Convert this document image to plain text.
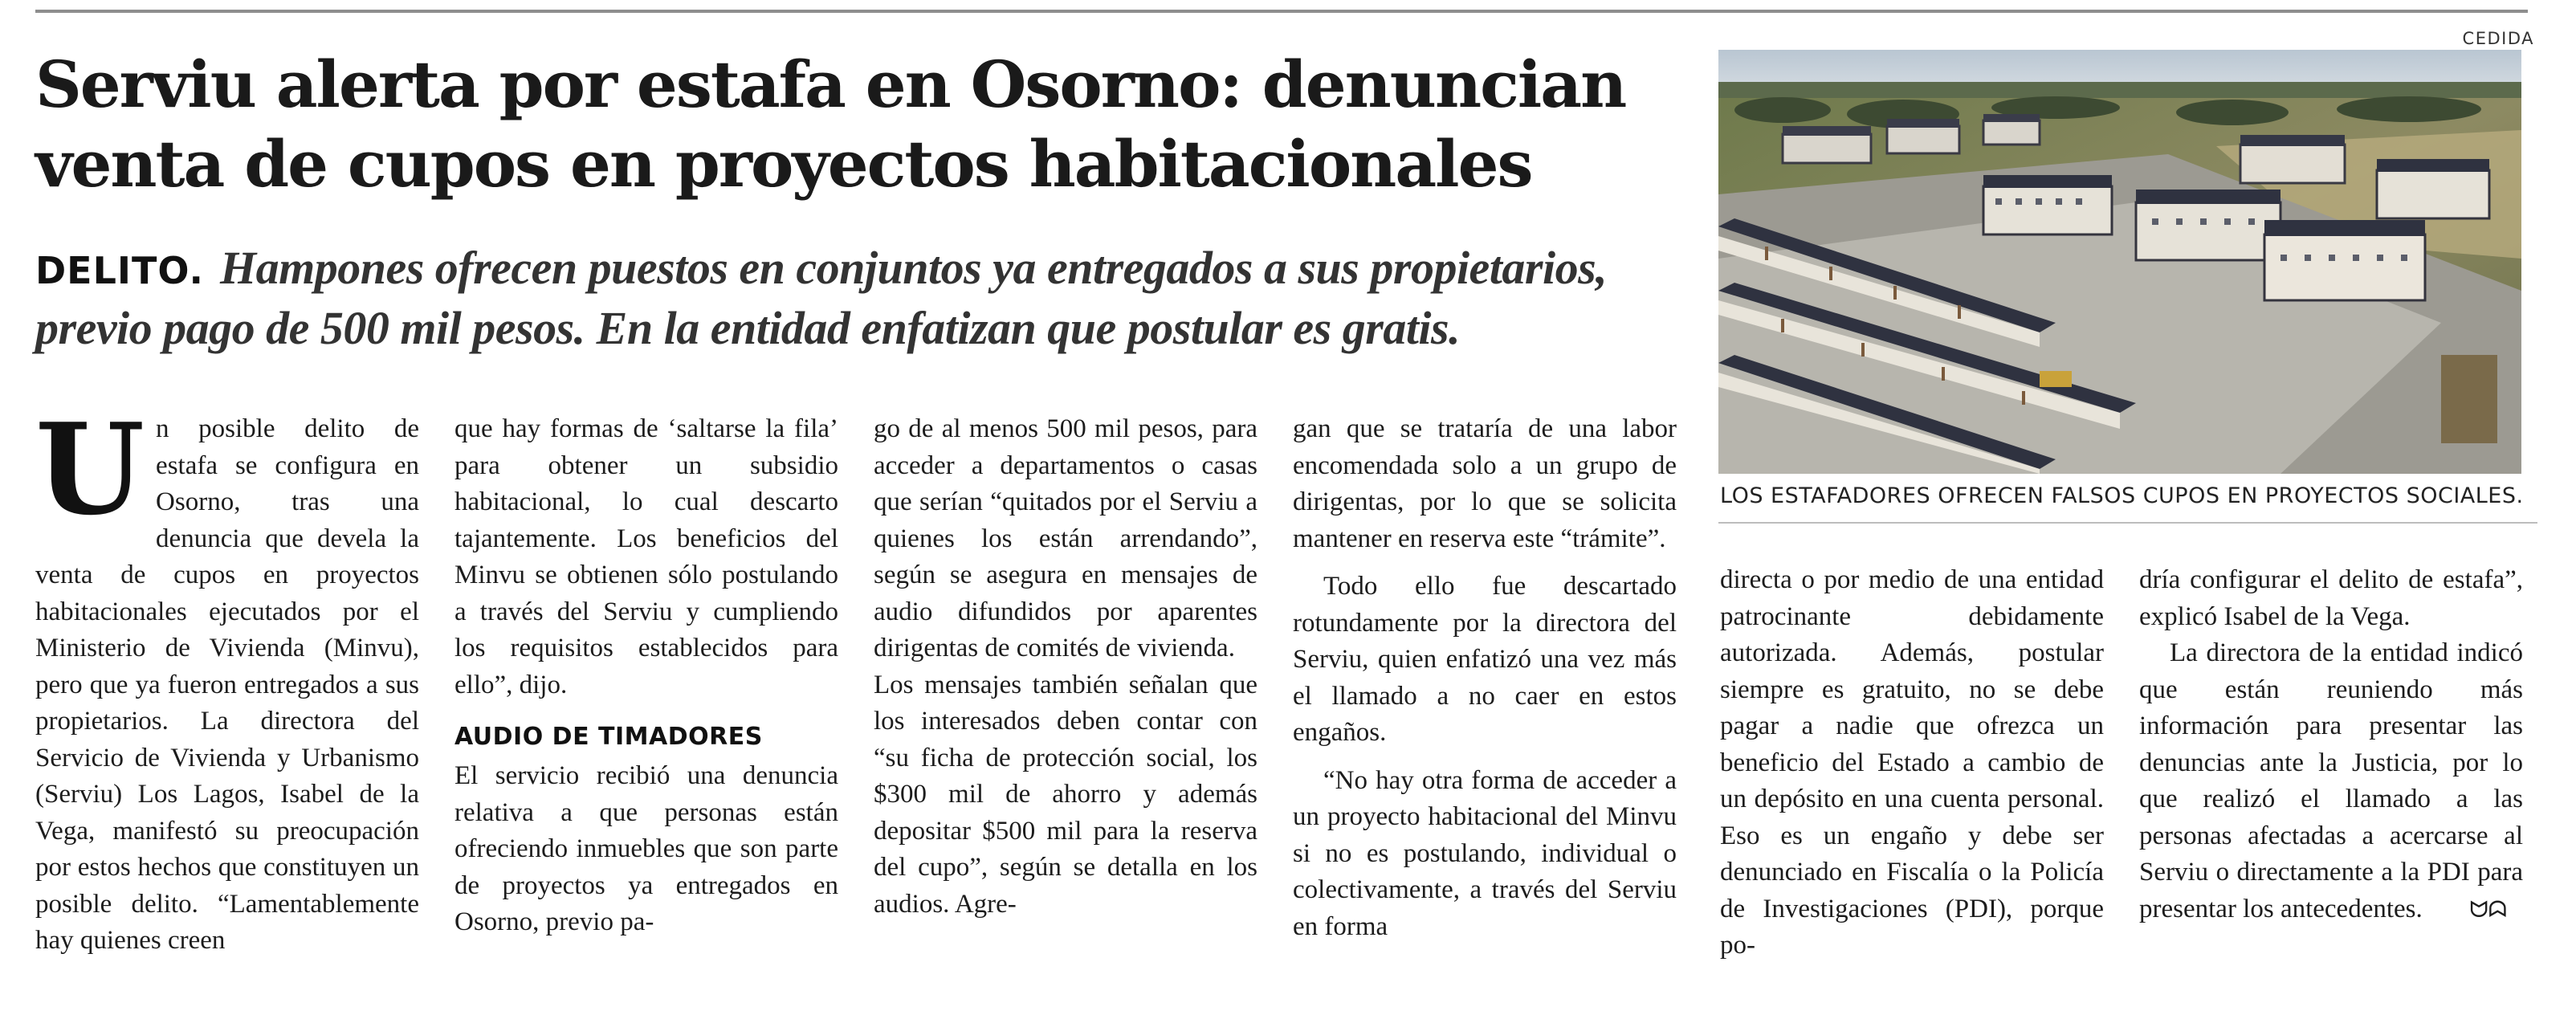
Serviu alerta por estafa en Osorno: denuncian
venta de cupos en proyectos habitacionales

DELITO. Hampones ofrecen puestos en conjuntos ya entregados a sus propietarios,
previo pago de 500 mil pesos. En la entidad enfatizan que postular es gratis.

U n posible delito de estafa se configura en Osorno, tras una denuncia que devela la venta de cupos en proyectos habitacionales ejecutados por el Ministerio de Vivienda (Minvu), pero que ya fueron entregados a sus propietarios. La directora del Servicio de Vivienda y Urbanismo (Serviu) Los Lagos, Isabel de la Vega, manifestó su preocupación por estos hechos que constituyen un posible delito. “Lamentablemente hay quienes creen

que hay formas de ‘saltarse la fila’ para obtener un subsidio habitacional, lo cual descarto tajantemente. Los beneficios del Minvu se obtienen sólo postulando a través del Serviu y cumpliendo los requisitos establecidos para ello”, dijo.

AUDIO DE TIMADORES

El servicio recibió una denuncia relativa a que personas están ofreciendo inmuebles que son parte de proyectos ya entregados en Osorno, previo pa-

go de al menos 500 mil pesos, para acceder a departamentos o casas que serían “quitados por el Serviu a quienes los están arrendando”, según se asegura en mensajes de audio difundidos por aparentes dirigentas de comités de vivienda.

Los mensajes también señalan que los interesados deben contar con “su ficha de protección social, los $300 mil de ahorro y además depositar $500 mil para la reserva del cupo”, según se detalla en los audios. Agre-

gan que se trataría de una labor encomendada solo a un grupo de dirigentas, por lo que se solicita mantener en reserva este “trámite”.

Todo ello fue descartado rotundamente por la directora del Serviu, quien enfatizó una vez más el llamado a no caer en estos engaños.

“No hay otra forma de acceder a un proyecto habitacional del Minvu si no es postulando, individual o colectivamente, a través del Serviu en forma

directa o por medio de una entidad patrocinante debidamente autorizada. Además, postular siempre es gratuito, no se debe pagar a nadie que ofrezca un beneficio del Estado a cambio de un depósito en una cuenta personal. Eso es un engaño y debe ser denunciado en Fiscalía o la Policía de Investigaciones (PDI), porque po-

dría configurar el delito de estafa”, explicó Isabel de la Vega.

La directora de la entidad indicó que están reuniendo más información para presentar las denuncias ante la Justicia, por lo que realizó el llamado a las personas afectadas a acercarse al Serviu o directamente a la PDI para presentar los antecedentes.	ᗢᗣ

CEDIDA
LOS ESTAFADORES OFRECEN FALSOS CUPOS EN PROYECTOS SOCIALES.
